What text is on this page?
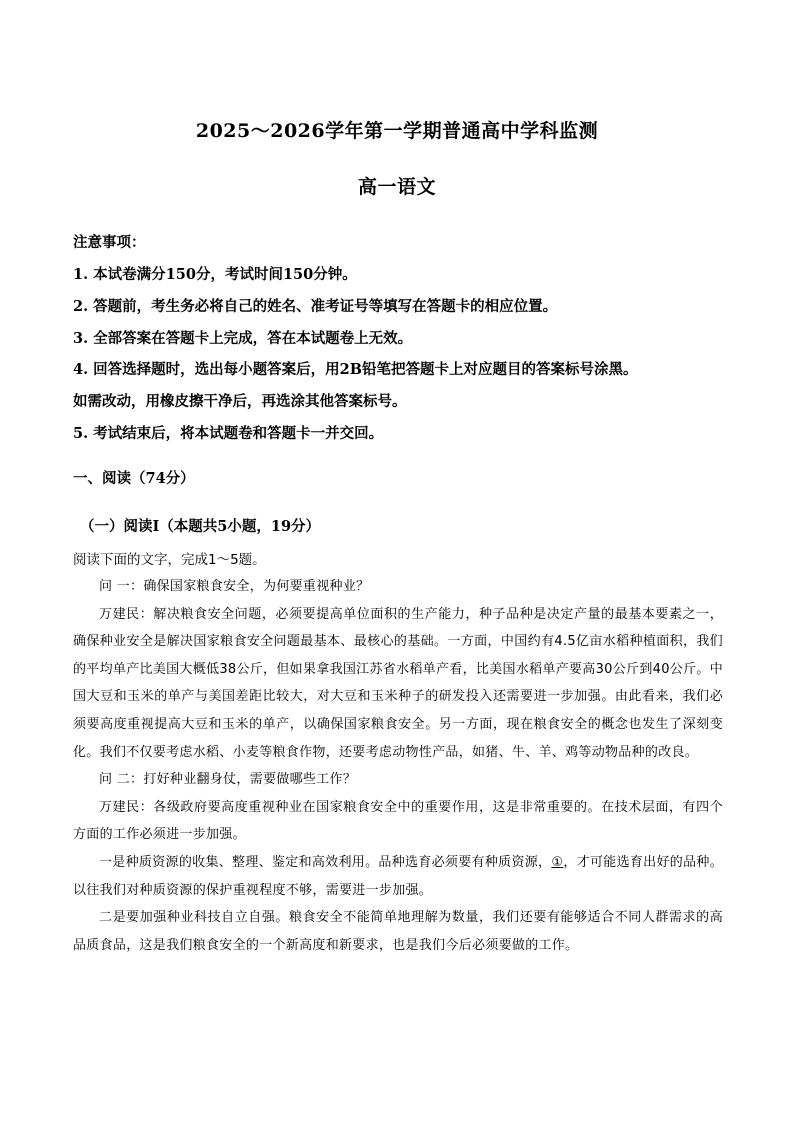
2025～2026学年第一学期普通高中学科监测
高一语文
注意事项：
1. 本试卷满分150分，考试时间150分钟。
2. 答题前，考生务必将自己的姓名、准考证号等填写在答题卡的相应位置。
3. 全部答案在答题卡上完成，答在本试题卷上无效。
4. 回答选择题时，选出每小题答案后，用2B铅笔把答题卡上对应题目的答案标号涂黑。
如需改动，用橡皮擦干净后，再选涂其他答案标号。
5. 考试结束后，将本试题卷和答题卡一并交回。
一、阅读（74分）
（一）阅读Ⅰ（本题共5小题，19分）
阅读下面的文字，完成1～5题。

问 一：确保国家粮食安全，为何要重视种业？

万建民：解决粮食安全问题，必须要提高单位面积的生产能力，种子品种是决定产量的最基本要素之一，确保种业安全是解决国家粮食安全问题最基本、最核心的基础。一方面，中国约有4.5亿亩水稻种植面积，我们的平均单产比美国大概低38公斤，但如果拿我国江苏省水稻单产看，比美国水稻单产要高30公斤到40公斤。中国大豆和玉米的单产与美国差距比较大，对大豆和玉米种子的研发投入还需要进一步加强。由此看来，我们必须要高度重视提高大豆和玉米的单产，以确保国家粮食安全。另一方面，现在粮食安全的概念也发生了深刻变化。我们不仅要考虑水稻、小麦等粮食作物，还要考虑动物性产品，如猪、牛、羊、鸡等动物品种的改良。

问 二：打好种业翻身仗，需要做哪些工作？

万建民：各级政府要高度重视种业在国家粮食安全中的重要作用，这是非常重要的。在技术层面，有四个方面的工作必须进一步加强。

一是种质资源的收集、整理、鉴定和高效利用。品种选育必须要有种质资源，①，才可能选育出好的品种。以往我们对种质资源的保护重视程度不够，需要进一步加强。

二是要加强种业科技自立自强。粮食安全不能简单地理解为数量，我们还要有能够适合不同人群需求的高品质食品，这是我们粮食安全的一个新高度和新要求，也是我们今后必须要做的工作。
